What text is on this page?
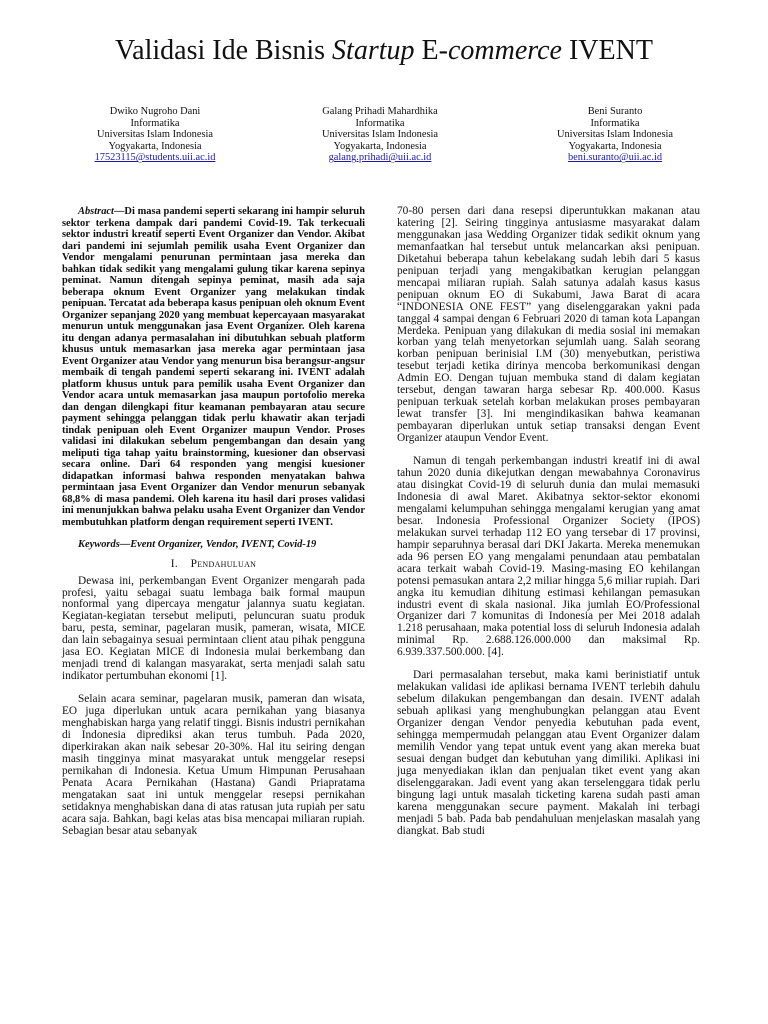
Validasi Ide Bisnis Startup E-commerce IVENT
Dwiko Nugroho Dani
Informatika
Universitas Islam Indonesia
Yogyakarta, Indonesia
17523115@students.uii.ac.id
Galang Prihadi Mahardhika
Informatika
Universitas Islam Indonesia
Yogyakarta, Indonesia
galang.prihadi@uii.ac.id
Beni Suranto
Informatika
Universitas Islam Indonesia
Yogyakarta, Indonesia
beni.suranto@uii.ac.id

Abstract—Di masa pandemi seperti sekarang ini hampir seluruh sektor terkena dampak dari pandemi Covid-19. Tak terkecuali sektor industri kreatif seperti Event Organizer dan Vendor. Akibat dari pandemi ini sejumlah pemilik usaha Event Organizer dan Vendor mengalami penurunan permintaan jasa mereka dan bahkan tidak sedikit yang mengalami gulung tikar karena sepinya peminat. Namun ditengah sepinya peminat, masih ada saja beberapa oknum Event Organizer yang melakukan tindak penipuan. Tercatat ada beberapa kasus penipuan oleh oknum Event Organizer sepanjang 2020 yang membuat kepercayaan masyarakat menurun untuk menggunakan jasa Event Organizer. Oleh karena itu dengan adanya permasalahan ini dibutuhkan sebuah platform khusus untuk memasarkan jasa mereka agar permintaan jasa Event Organizer atau Vendor yang menurun bisa berangsur-angsur membaik di tengah pandemi seperti sekarang ini. IVENT adalah platform khusus untuk para pemilik usaha Event Organizer dan Vendor acara untuk memasarkan jasa maupun portofolio mereka dan dengan dilengkapi fitur keamanan pembayaran atau secure payment sehingga pelanggan tidak perlu khawatir akan terjadi tindak penipuan oleh Event Organizer maupun Vendor. Proses validasi ini dilakukan sebelum pengembangan dan desain yang meliputi tiga tahap yaitu brainstorming, kuesioner dan observasi secara online. Dari 64 responden yang mengisi kuesioner didapatkan informasi bahwa responden menyatakan bahwa permintaan jasa Event Organizer dan Vendor menurun sebanyak 68,8% di masa pandemi. Oleh karena itu hasil dari proses validasi ini menunjukkan bahwa pelaku usaha Event Organizer dan Vendor membutuhkan platform dengan requirement seperti IVENT.

Keywords—Event Organizer, Vendor, IVENT, Covid-19

I. Pendahuluan

Dewasa ini, perkembangan Event Organizer mengarah pada profesi, yaitu sebagai suatu lembaga baik formal maupun nonformal yang dipercaya mengatur jalannya suatu kegiatan. Kegiatan-kegiatan tersebut meliputi, peluncuran suatu produk baru, pesta, seminar, pagelaran musik, pameran, wisata, MICE dan lain sebagainya sesuai permintaan client atau pihak pengguna jasa EO. Kegiatan MICE di Indonesia mulai berkembang dan menjadi trend di kalangan masyarakat, serta menjadi salah satu indikator pertumbuhan ekonomi [1].

Selain acara seminar, pagelaran musik, pameran dan wisata, EO juga diperlukan untuk acara pernikahan yang biasanya menghabiskan harga yang relatif tinggi. Bisnis industri pernikahan di Indonesia diprediksi akan terus tumbuh. Pada 2020, diperkirakan akan naik sebesar 20-30%. Hal itu seiring dengan masih tingginya minat masyarakat untuk menggelar resepsi pernikahan di Indonesia. Ketua Umum Himpunan Perusahaan Penata Acara Pernikahan (Hastana) Gandi Priapratama mengatakan saat ini untuk menggelar resepsi pernikahan setidaknya menghabiskan dana di atas ratusan juta rupiah per satu acara saja. Bahkan, bagi kelas atas bisa mencapai miliaran rupiah. Sebagian besar atau sebanyak

70-80 persen dari dana resepsi diperuntukkan makanan atau katering [2]. Seiring tingginya antusiasme masyarakat dalam menggunakan jasa Wedding Organizer tidak sedikit oknum yang memanfaatkan hal tersebut untuk melancarkan aksi penipuan. Diketahui beberapa tahun kebelakang sudah lebih dari 5 kasus penipuan terjadi yang mengakibatkan kerugian pelanggan mencapai miliaran rupiah. Salah satunya adalah kasus kasus penipuan oknum EO di Sukabumi, Jawa Barat di acara “INDONESIA ONE FEST” yang diselenggarakan yakni pada tanggal 4 sampai dengan 6 Februari 2020 di taman kota Lapangan Merdeka. Penipuan yang dilakukan di media sosial ini memakan korban yang telah menyetorkan sejumlah uang. Salah seorang korban penipuan berinisial I.M (30) menyebutkan, peristiwa tesebut terjadi ketika dirinya mencoba berkomunikasi dengan Admin EO. Dengan tujuan membuka stand di dalam kegiatan tersebut, dengan tawaran harga sebesar Rp. 400.000. Kasus penipuan terkuak setelah korban melakukan proses pembayaran lewat transfer [3]. Ini mengindikasikan bahwa keamanan pembayaran diperlukan untuk setiap transaksi dengan Event Organizer ataupun Vendor Event.

Namun di tengah perkembangan industri kreatif ini di awal tahun 2020 dunia dikejutkan dengan mewabahnya Coronavirus atau disingkat Covid-19 di seluruh dunia dan mulai memasuki Indonesia di awal Maret. Akibatnya sektor-sektor ekonomi mengalami kelumpuhan sehingga mengalami kerugian yang amat besar. Indonesia Professional Organizer Society (IPOS) melakukan survei terhadap 112 EO yang tersebar di 17 provinsi, hampir separuhnya berasal dari DKI Jakarta. Mereka menemukan ada 96 persen EO yang mengalami penundaan atau pembatalan acara terkait wabah Covid-19. Masing-masing EO kehilangan potensi pemasukan antara 2,2 miliar hingga 5,6 miliar rupiah. Dari angka itu kemudian dihitung estimasi kehilangan pemasukan industri event di skala nasional. Jika jumlah EO/Professional Organizer dari 7 komunitas di Indonesia per Mei 2018 adalah 1.218 perusahaan, maka potential loss di seluruh Indonesia adalah minimal Rp. 2.688.126.000.000 dan maksimal Rp. 6.939.337.500.000. [4].

Dari permasalahan tersebut, maka kami berinistiatif untuk melakukan validasi ide aplikasi bernama IVENT terlebih dahulu sebelum dilakukan pengembangan dan desain. IVENT adalah sebuah aplikasi yang menghubungkan pelanggan atau Event Organizer dengan Vendor penyedia kebutuhan pada event, sehingga mempermudah pelanggan atau Event Organizer dalam memilih Vendor yang tepat untuk event yang akan mereka buat sesuai dengan budget dan kebutuhan yang dimiliki. Aplikasi ini juga menyediakan iklan dan penjualan tiket event yang akan diselenggarakan. Jadi event yang akan terselenggara tidak perlu bingung lagi untuk masalah ticketing karena sudah pasti aman karena menggunakan secure payment. Makalah ini terbagi menjadi 5 bab. Pada bab pendahuluan menjelaskan masalah yang diangkat. Bab studi
